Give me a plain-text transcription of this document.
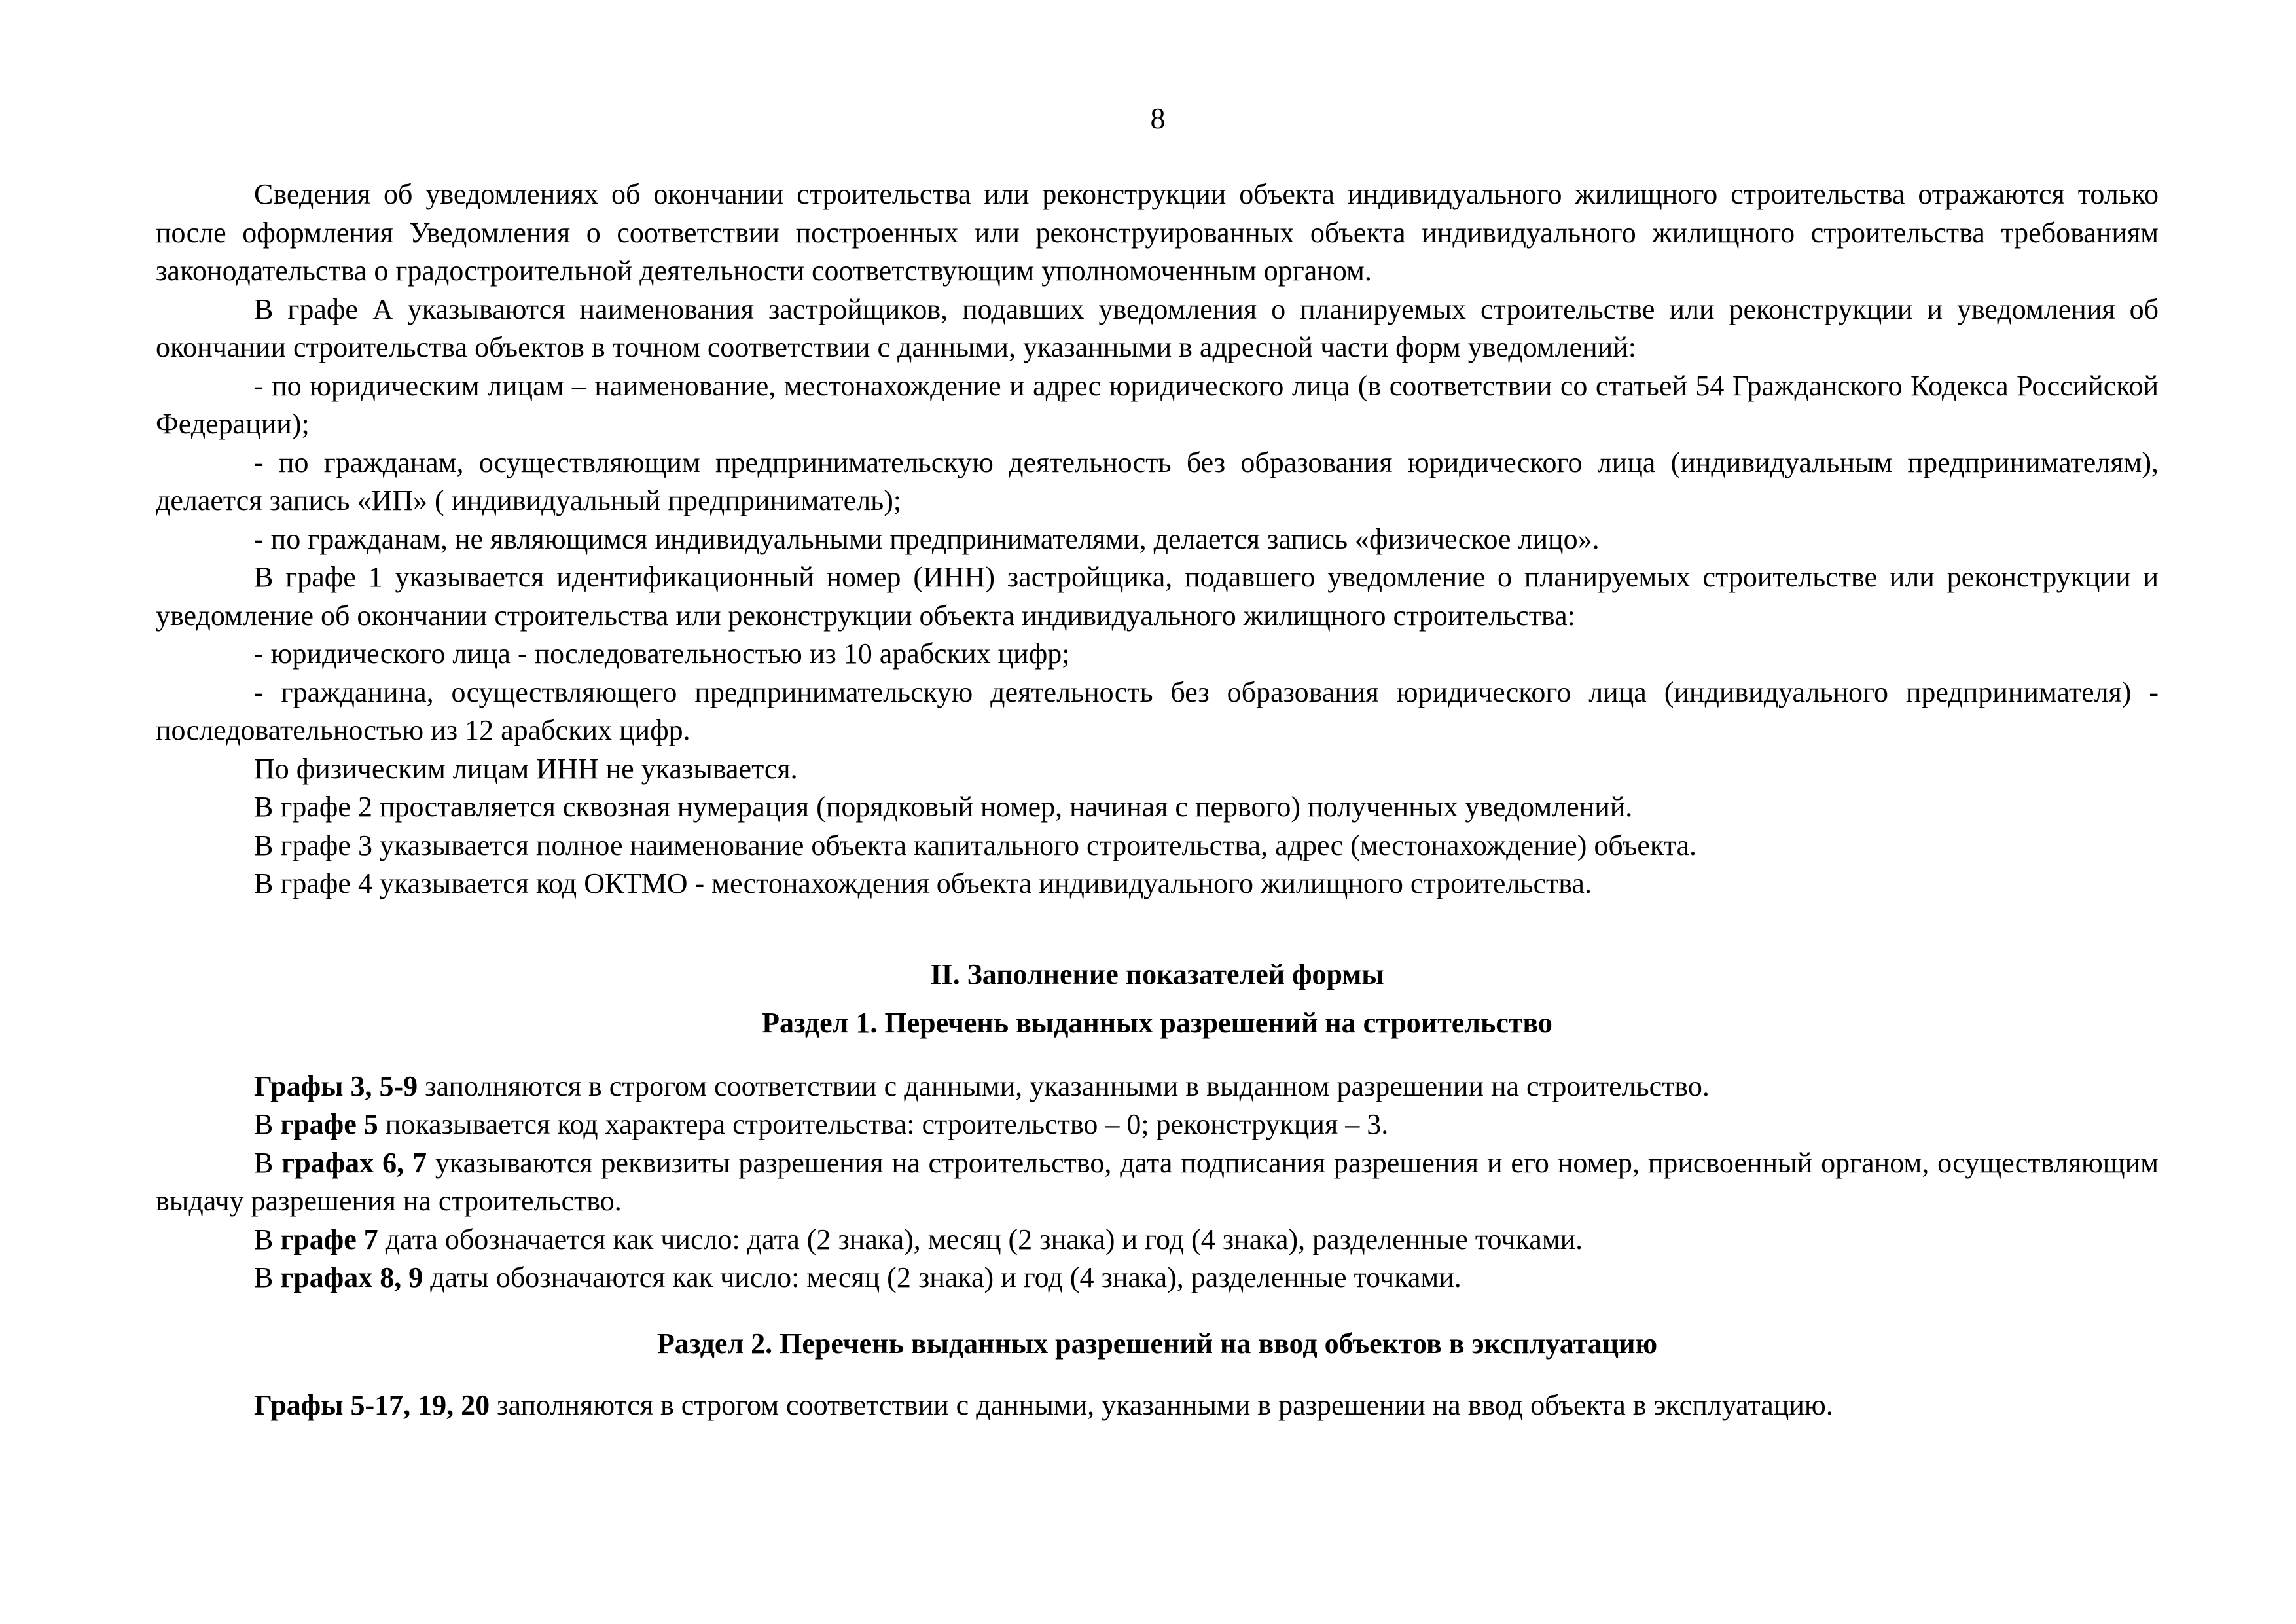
8

Сведения об уведомлениях об окончании строительства или реконструкции объекта индивидуального жилищного строительства отражаются только после оформления Уведомления о соответствии построенных или реконструированных объекта индивидуального жилищного строительства требованиям законодательства о градостроительной деятельности соответствующим уполномоченным органом.

В графе А указываются наименования застройщиков, подавших уведомления о планируемых строительстве или реконструкции и уведомления об окончании строительства объектов в точном соответствии с данными, указанными в адресной части форм уведомлений:

- по юридическим лицам – наименование, местонахождение и адрес юридического лица (в соответствии со статьей 54 Гражданского Кодекса Российской Федерации);

- по гражданам, осуществляющим предпринимательскую деятельность без образования юридического лица (индивидуальным предпринимателям), делается запись «ИП» ( индивидуальный предприниматель);

- по гражданам, не являющимся индивидуальными предпринимателями, делается запись «физическое лицо».

В графе 1 указывается идентификационный номер (ИНН) застройщика, подавшего уведомление о планируемых строительстве или реконструкции и уведомление об окончании строительства или реконструкции объекта индивидуального жилищного строительства:

- юридического лица - последовательностью из 10 арабских цифр;

- гражданина, осуществляющего предпринимательскую деятельность без образования юридического лица (индивидуального предпринимателя) - последовательностью из 12 арабских цифр.

По физическим лицам ИНН не указывается.

В графе 2 проставляется сквозная нумерация (порядковый номер, начиная с первого) полученных уведомлений.

В графе 3 указывается полное наименование объекта капитального строительства, адрес (местонахождение) объекта.

В графе 4 указывается код ОКТМО - местонахождения объекта индивидуального жилищного строительства.

II. Заполнение показателей формы
Раздел 1. Перечень выданных разрешений на строительство

Графы 3, 5-9 заполняются в строгом соответствии с данными, указанными в выданном разрешении на строительство.

В графе 5 показывается код характера строительства: строительство – 0; реконструкция – 3.

В графах 6, 7 указываются реквизиты разрешения на строительство, дата подписания разрешения и его номер, присвоенный органом, осуществляющим выдачу разрешения на строительство.

В графе 7 дата обозначается как число: дата (2 знака), месяц (2 знака) и год (4 знака), разделенные точками.

В графах 8, 9 даты обозначаются как число: месяц (2 знака) и год (4 знака), разделенные точками.

Раздел 2. Перечень выданных разрешений на ввод объектов в эксплуатацию

Графы 5-17, 19, 20 заполняются в строгом соответствии с данными, указанными в разрешении на ввод объекта в эксплуатацию.
